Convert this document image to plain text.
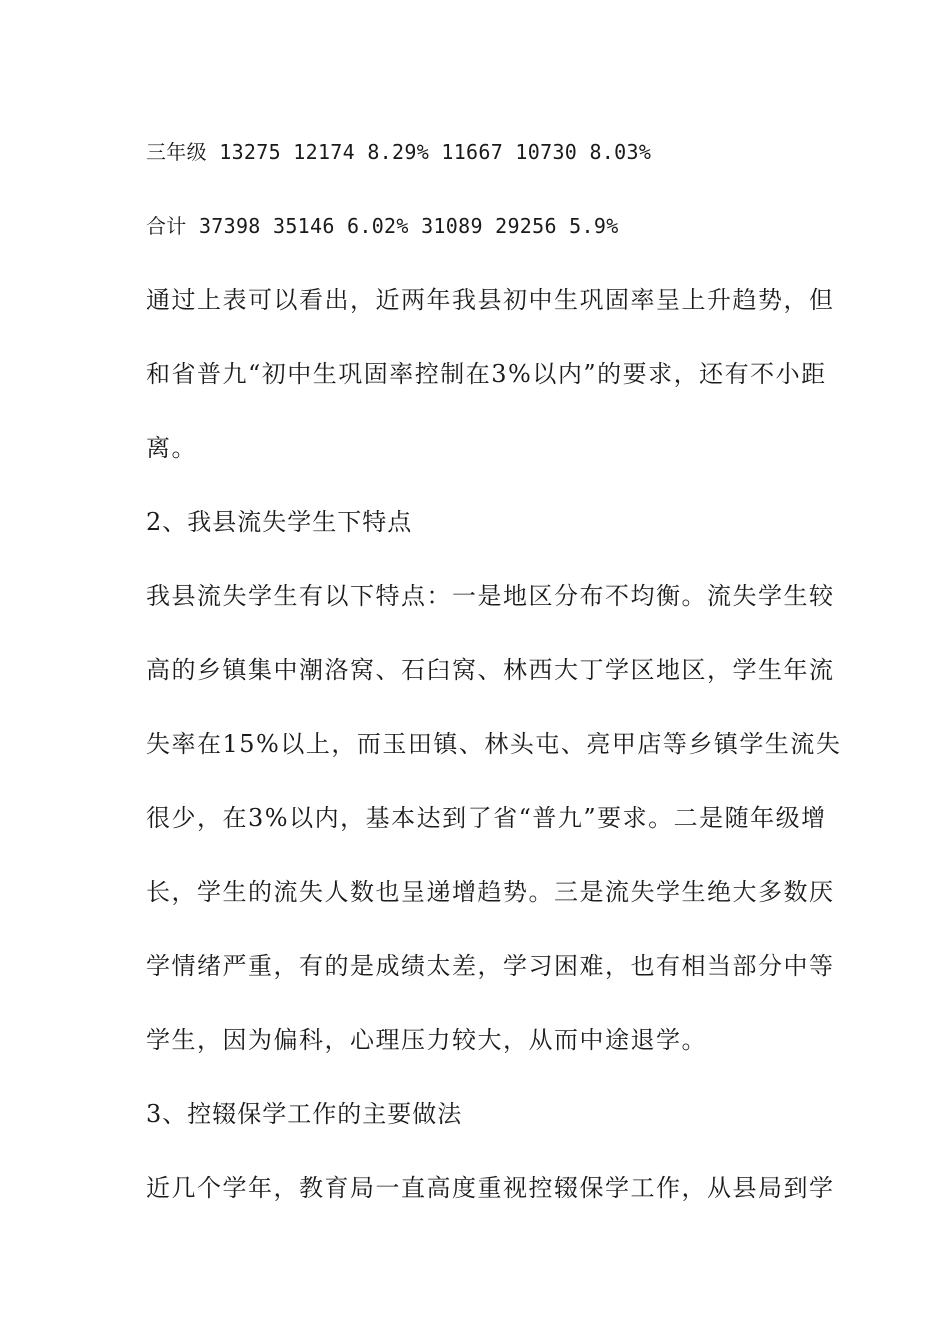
三年级 13275 12174 8.29% 11667 10730 8.03%
合计 37398 35146 6.02% 31089 29256 5.9%
通过上表可以看出，近两年我县初中生巩固率呈上升趋势，但
和省普九“初中生巩固率控制在3%以内”的要求，还有不小距
离。
2、我县流失学生下特点
我县流失学生有以下特点：一是地区分布不均衡。流失学生较
高的乡镇集中潮洛窝、石臼窝、林西大丁学区地区，学生年流
失率在15%以上，而玉田镇、林头屯、亮甲店等乡镇学生流失
很少，在3%以内，基本达到了省“普九”要求。二是随年级增
长，学生的流失人数也呈递增趋势。三是流失学生绝大多数厌
学情绪严重，有的是成绩太差，学习困难，也有相当部分中等
学生，因为偏科，心理压力较大，从而中途退学。
3、控辍保学工作的主要做法
近几个学年，教育局一直高度重视控辍保学工作，从县局到学
